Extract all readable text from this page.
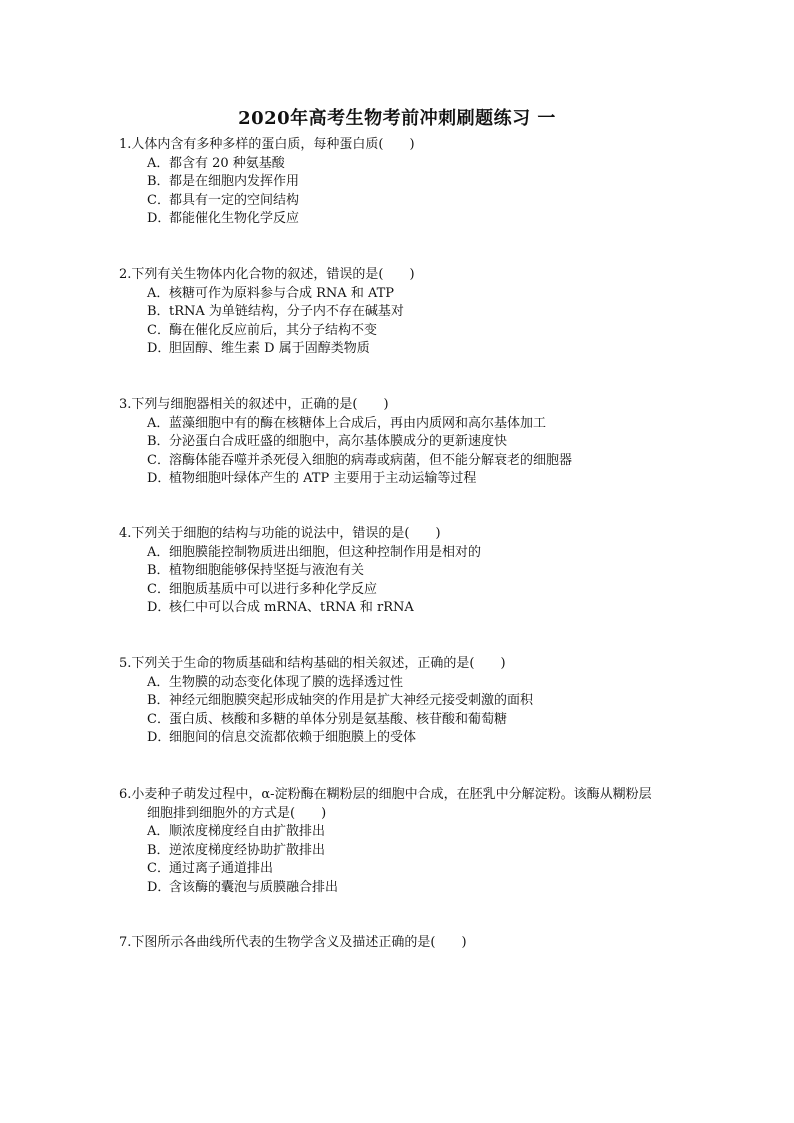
2020年高考生物考前冲刺刷题练习 一
1.人体内含有多种多样的蛋白质，每种蛋白质(　　)
A．都含有 20 种氨基酸
B．都是在细胞内发挥作用
C．都具有一定的空间结构
D．都能催化生物化学反应
2.下列有关生物体内化合物的叙述，错误的是(　　)
A．核糖可作为原料参与合成 RNA 和 ATP
B．tRNA 为单链结构，分子内不存在碱基对
C．酶在催化反应前后，其分子结构不变
D．胆固醇、维生素 D 属于固醇类物质
3.下列与细胞器相关的叙述中，正确的是(　　)
A．蓝藻细胞中有的酶在核糖体上合成后，再由内质网和高尔基体加工
B．分泌蛋白合成旺盛的细胞中，高尔基体膜成分的更新速度快
C．溶酶体能吞噬并杀死侵入细胞的病毒或病菌，但不能分解衰老的细胞器
D．植物细胞叶绿体产生的 ATP 主要用于主动运输等过程
4.下列关于细胞的结构与功能的说法中，错误的是(　　)
A．细胞膜能控制物质进出细胞，但这种控制作用是相对的
B．植物细胞能够保持坚挺与液泡有关
C．细胞质基质中可以进行多种化学反应
D．核仁中可以合成 mRNA、tRNA 和 rRNA
5.下列关于生命的物质基础和结构基础的相关叙述，正确的是(　　)
A．生物膜的动态变化体现了膜的选择透过性
B．神经元细胞膜突起形成轴突的作用是扩大神经元接受刺激的面积
C．蛋白质、核酸和多糖的单体分别是氨基酸、核苷酸和葡萄糖
D．细胞间的信息交流都依赖于细胞膜上的受体
6.小麦种子萌发过程中，α-淀粉酶在糊粉层的细胞中合成，在胚乳中分解淀粉。该酶从糊粉层
细胞排到细胞外的方式是(　　)
A．顺浓度梯度经自由扩散排出
B．逆浓度梯度经协助扩散排出
C．通过离子通道排出
D．含该酶的囊泡与质膜融合排出
7.下图所示各曲线所代表的生物学含义及描述正确的是(　　)
